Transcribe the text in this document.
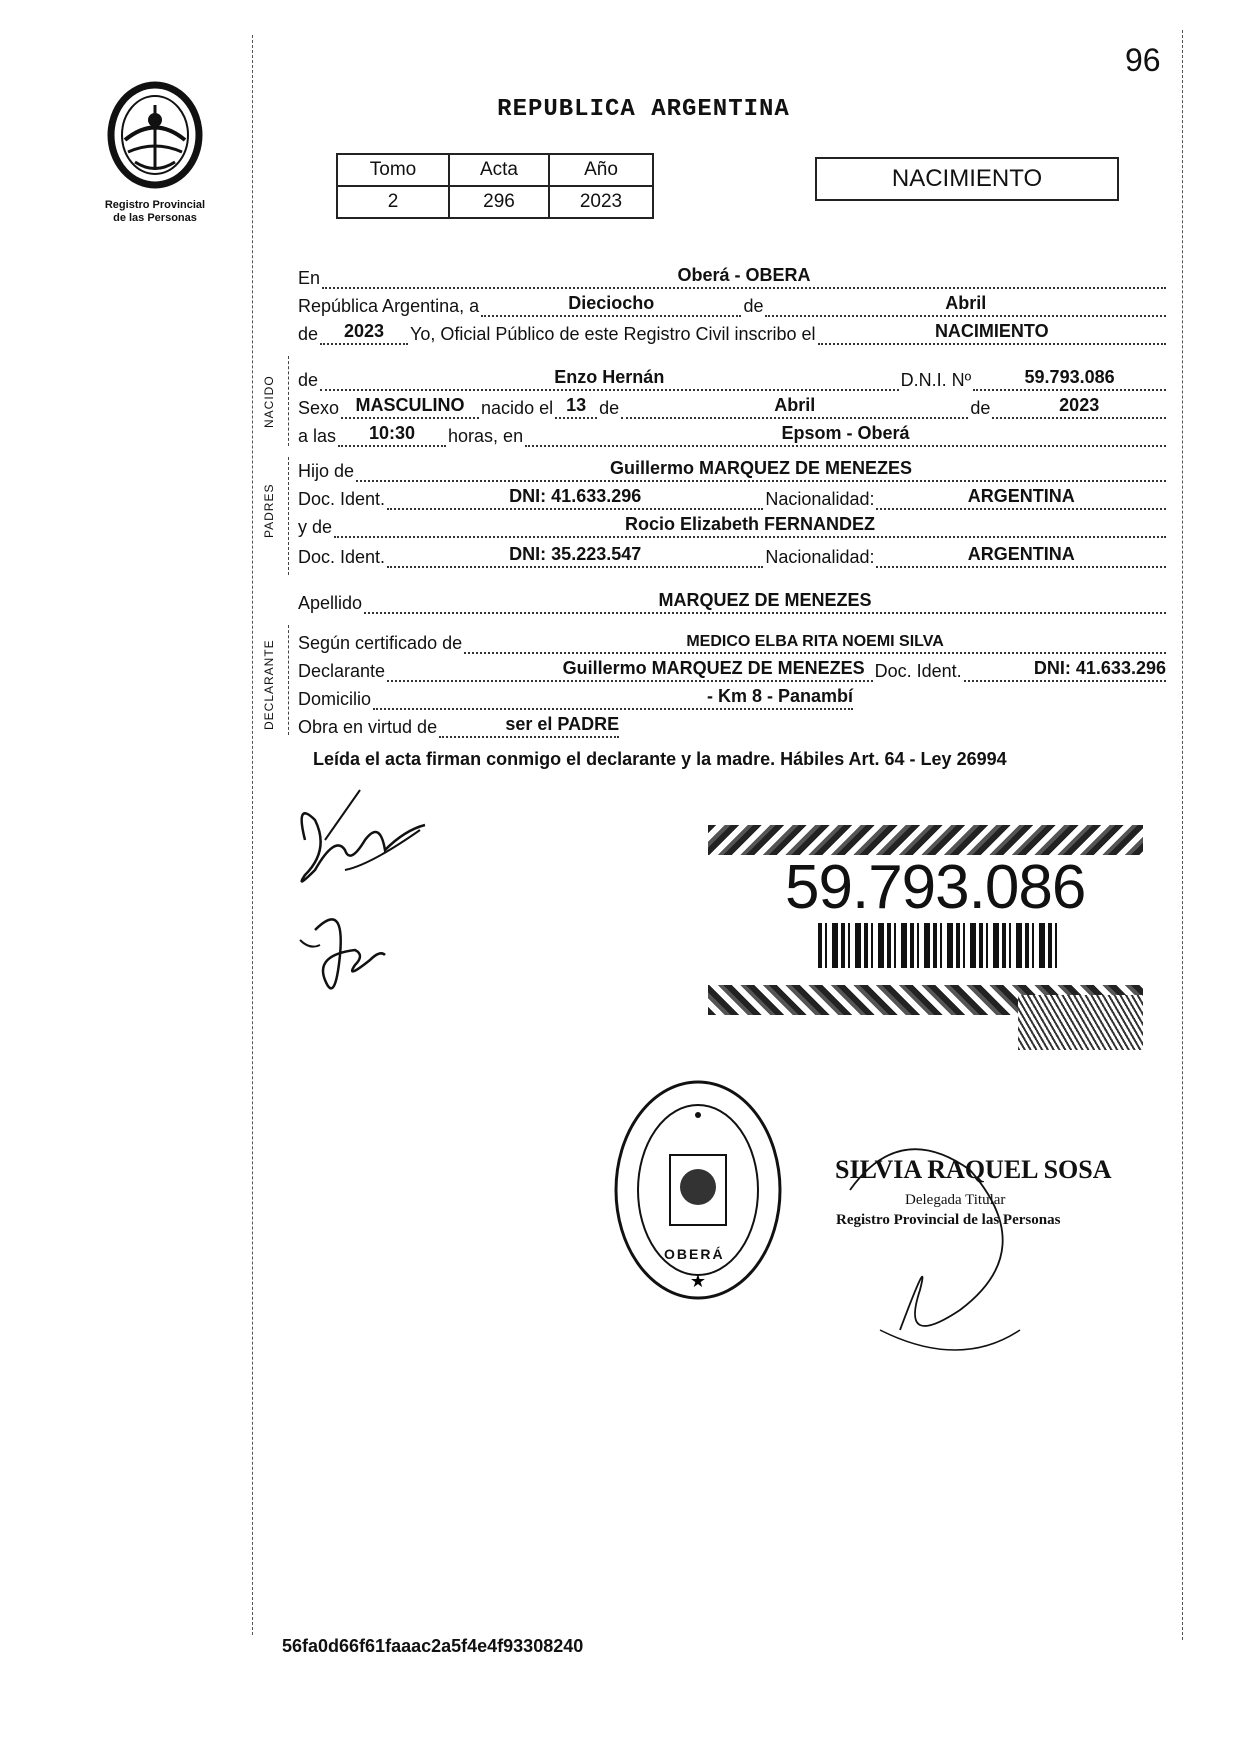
96
Registro Provincial
de las Personas
REPUBLICA ARGENTINA
Tomo	Acta	Año
2	296	2023
NACIMIENTO
En	Oberá - OBERA
República Argentina, a	Dieciocho	de	Abril
de	2023	Yo, Oficial Público de este Registro Civil inscribo el	NACIMIENTO
NACIDO de	Enzo Hernán	D.N.I. Nº	59.793.086
Sexo MASCULINO nacido el 13 de	Abril	de	2023
a las	10:30	horas, en	Epsom - Oberá
PADRES
Hijo de	Guillermo MARQUEZ DE MENEZES
Doc. Ident.	DNI: 41.633.296	Nacionalidad:	ARGENTINA
y de	Rocio Elizabeth FERNANDEZ
Doc. Ident.	DNI: 35.223.547	Nacionalidad:	ARGENTINA
Apellido	MARQUEZ DE MENEZES
DECLARANTE Según certificado de	MEDICO ELBA RITA NOEMI SILVA
Declarante	Guillermo MARQUEZ DE MENEZES Doc. Ident.	DNI: 41.633.296
Domicilio	- Km 8 - Panambí
Obra en virtud de	ser el PADRE
Leída el acta firman conmigo el declarante y la madre. Hábiles Art. 64 - Ley 26994
59.793.086
★
OBERÁ
SILVIA RAQUEL SOSA
Delegada Titular
Registro Provincial de las Personas
56fa0d66f61faaac2a5f4e4f93308240
